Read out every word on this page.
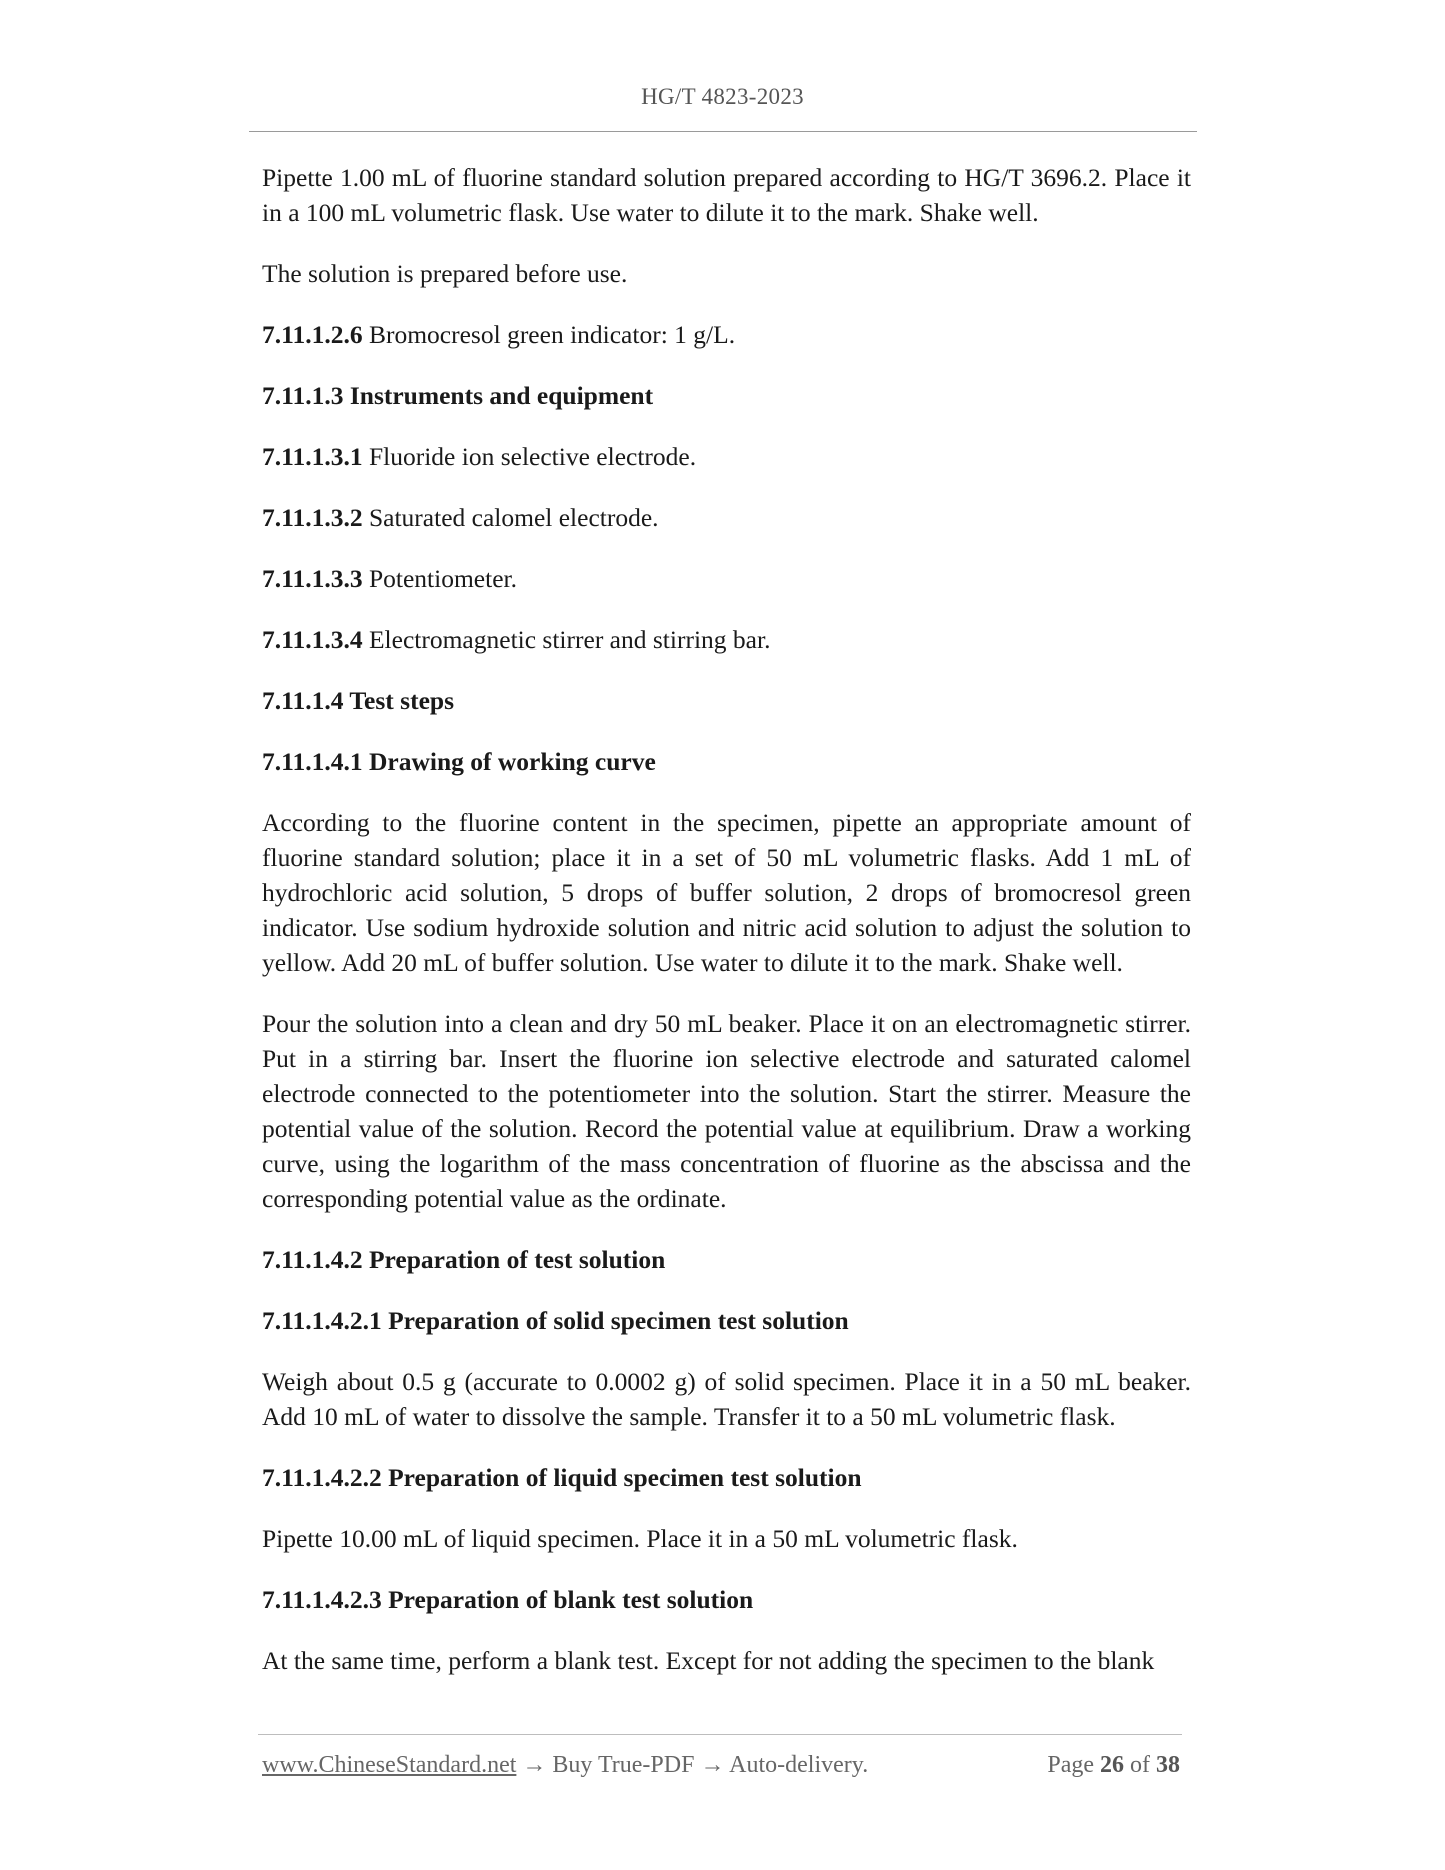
HG/T 4823-2023

Pipette 1.00 mL of fluorine standard solution prepared according to HG/T 3696.2. Place it in a 100 mL volumetric flask. Use water to dilute it to the mark. Shake well.

The solution is prepared before use.

7.11.1.2.6 Bromocresol green indicator: 1 g/L.

7.11.1.3 Instruments and equipment

7.11.1.3.1 Fluoride ion selective electrode.

7.11.1.3.2 Saturated calomel electrode.

7.11.1.3.3 Potentiometer.

7.11.1.3.4 Electromagnetic stirrer and stirring bar.

7.11.1.4 Test steps

7.11.1.4.1 Drawing of working curve

According to the fluorine content in the specimen, pipette an appropriate amount of fluorine standard solution; place it in a set of 50 mL volumetric flasks. Add 1 mL of hydrochloric acid solution, 5 drops of buffer solution, 2 drops of bromocresol green indicator. Use sodium hydroxide solution and nitric acid solution to adjust the solution to yellow. Add 20 mL of buffer solution. Use water to dilute it to the mark. Shake well.

Pour the solution into a clean and dry 50 mL beaker. Place it on an electromagnetic stirrer. Put in a stirring bar. Insert the fluorine ion selective electrode and saturated calomel electrode connected to the potentiometer into the solution. Start the stirrer. Measure the potential value of the solution. Record the potential value at equilibrium. Draw a working curve, using the logarithm of the mass concentration of fluorine as the abscissa and the corresponding potential value as the ordinate.

7.11.1.4.2 Preparation of test solution

7.11.1.4.2.1 Preparation of solid specimen test solution

Weigh about 0.5 g (accurate to 0.0002 g) of solid specimen. Place it in a 50 mL beaker. Add 10 mL of water to dissolve the sample. Transfer it to a 50 mL volumetric flask.

7.11.1.4.2.2 Preparation of liquid specimen test solution

Pipette 10.00 mL of liquid specimen. Place it in a 50 mL volumetric flask.

7.11.1.4.2.3 Preparation of blank test solution

At the same time, perform a blank test. Except for not adding the specimen to the blank

www.ChineseStandard.net → Buy True-PDF → Auto-delivery.	Page 26 of 38
